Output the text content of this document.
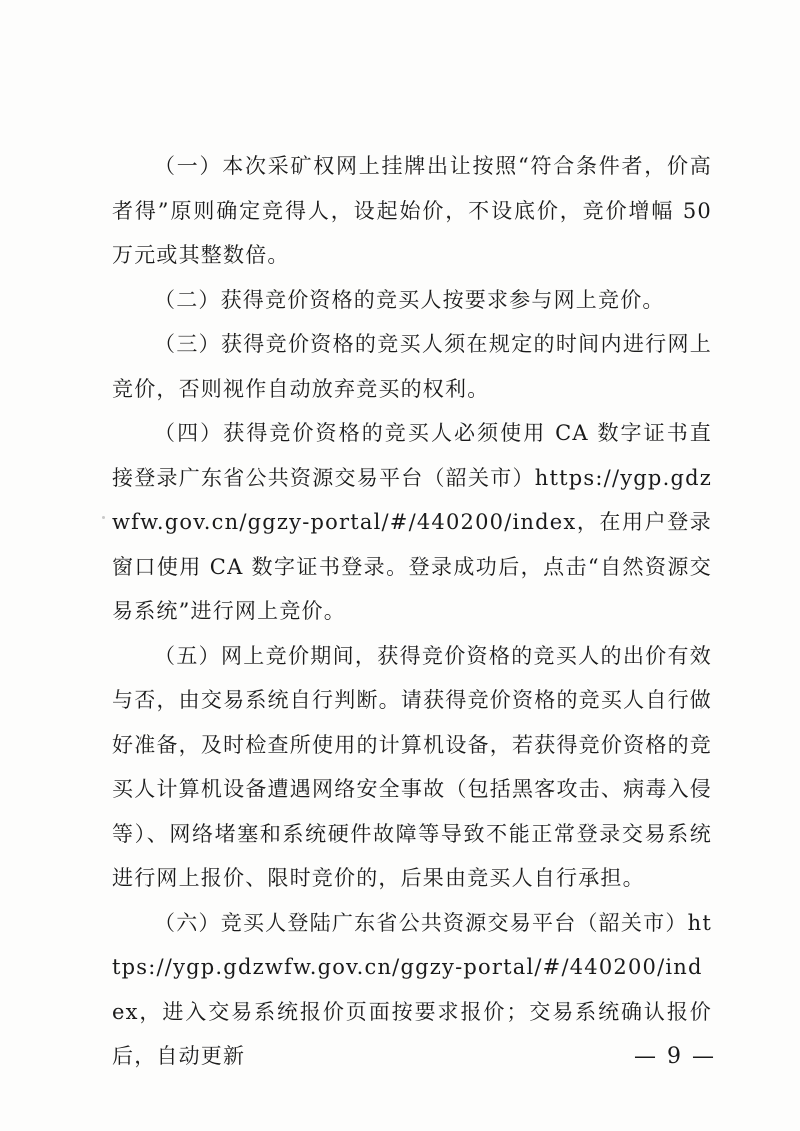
（一）本次采矿权网上挂牌出让按照“符合条件者，价高者得”原则确定竞得人，设起始价，不设底价，竞价增幅 50 万元或其整数倍。

（二）获得竞价资格的竞买人按要求参与网上竞价。

（三）获得竞价资格的竞买人须在规定的时间内进行网上竞价，否则视作自动放弃竞买的权利。

（四）获得竞价资格的竞买人必须使用 CA 数字证书直接登录广东省公共资源交易平台（韶关市）https://ygp.gdzwfw.gov.cn/ggzy-portal/#/440200/index，在用户登录窗口使用 CA 数字证书登录。登录成功后，点击“自然资源交易系统”进行网上竞价。

（五）网上竞价期间，获得竞价资格的竞买人的出价有效与否，由交易系统自行判断。请获得竞价资格的竞买人自行做好准备，及时检查所使用的计算机设备，若获得竞价资格的竞买人计算机设备遭遇网络安全事故（包括黑客攻击、病毒入侵等）、网络堵塞和系统硬件故障等导致不能正常登录交易系统进行网上报价、限时竞价的，后果由竞买人自行承担。

（六）竞买人登陆广东省公共资源交易平台（韶关市）https://ygp.gdzwfw.gov.cn/ggzy-portal/#/440200/index，进入交易系统报价页面按要求报价；交易系统确认报价后，自动更新	— 9 —
